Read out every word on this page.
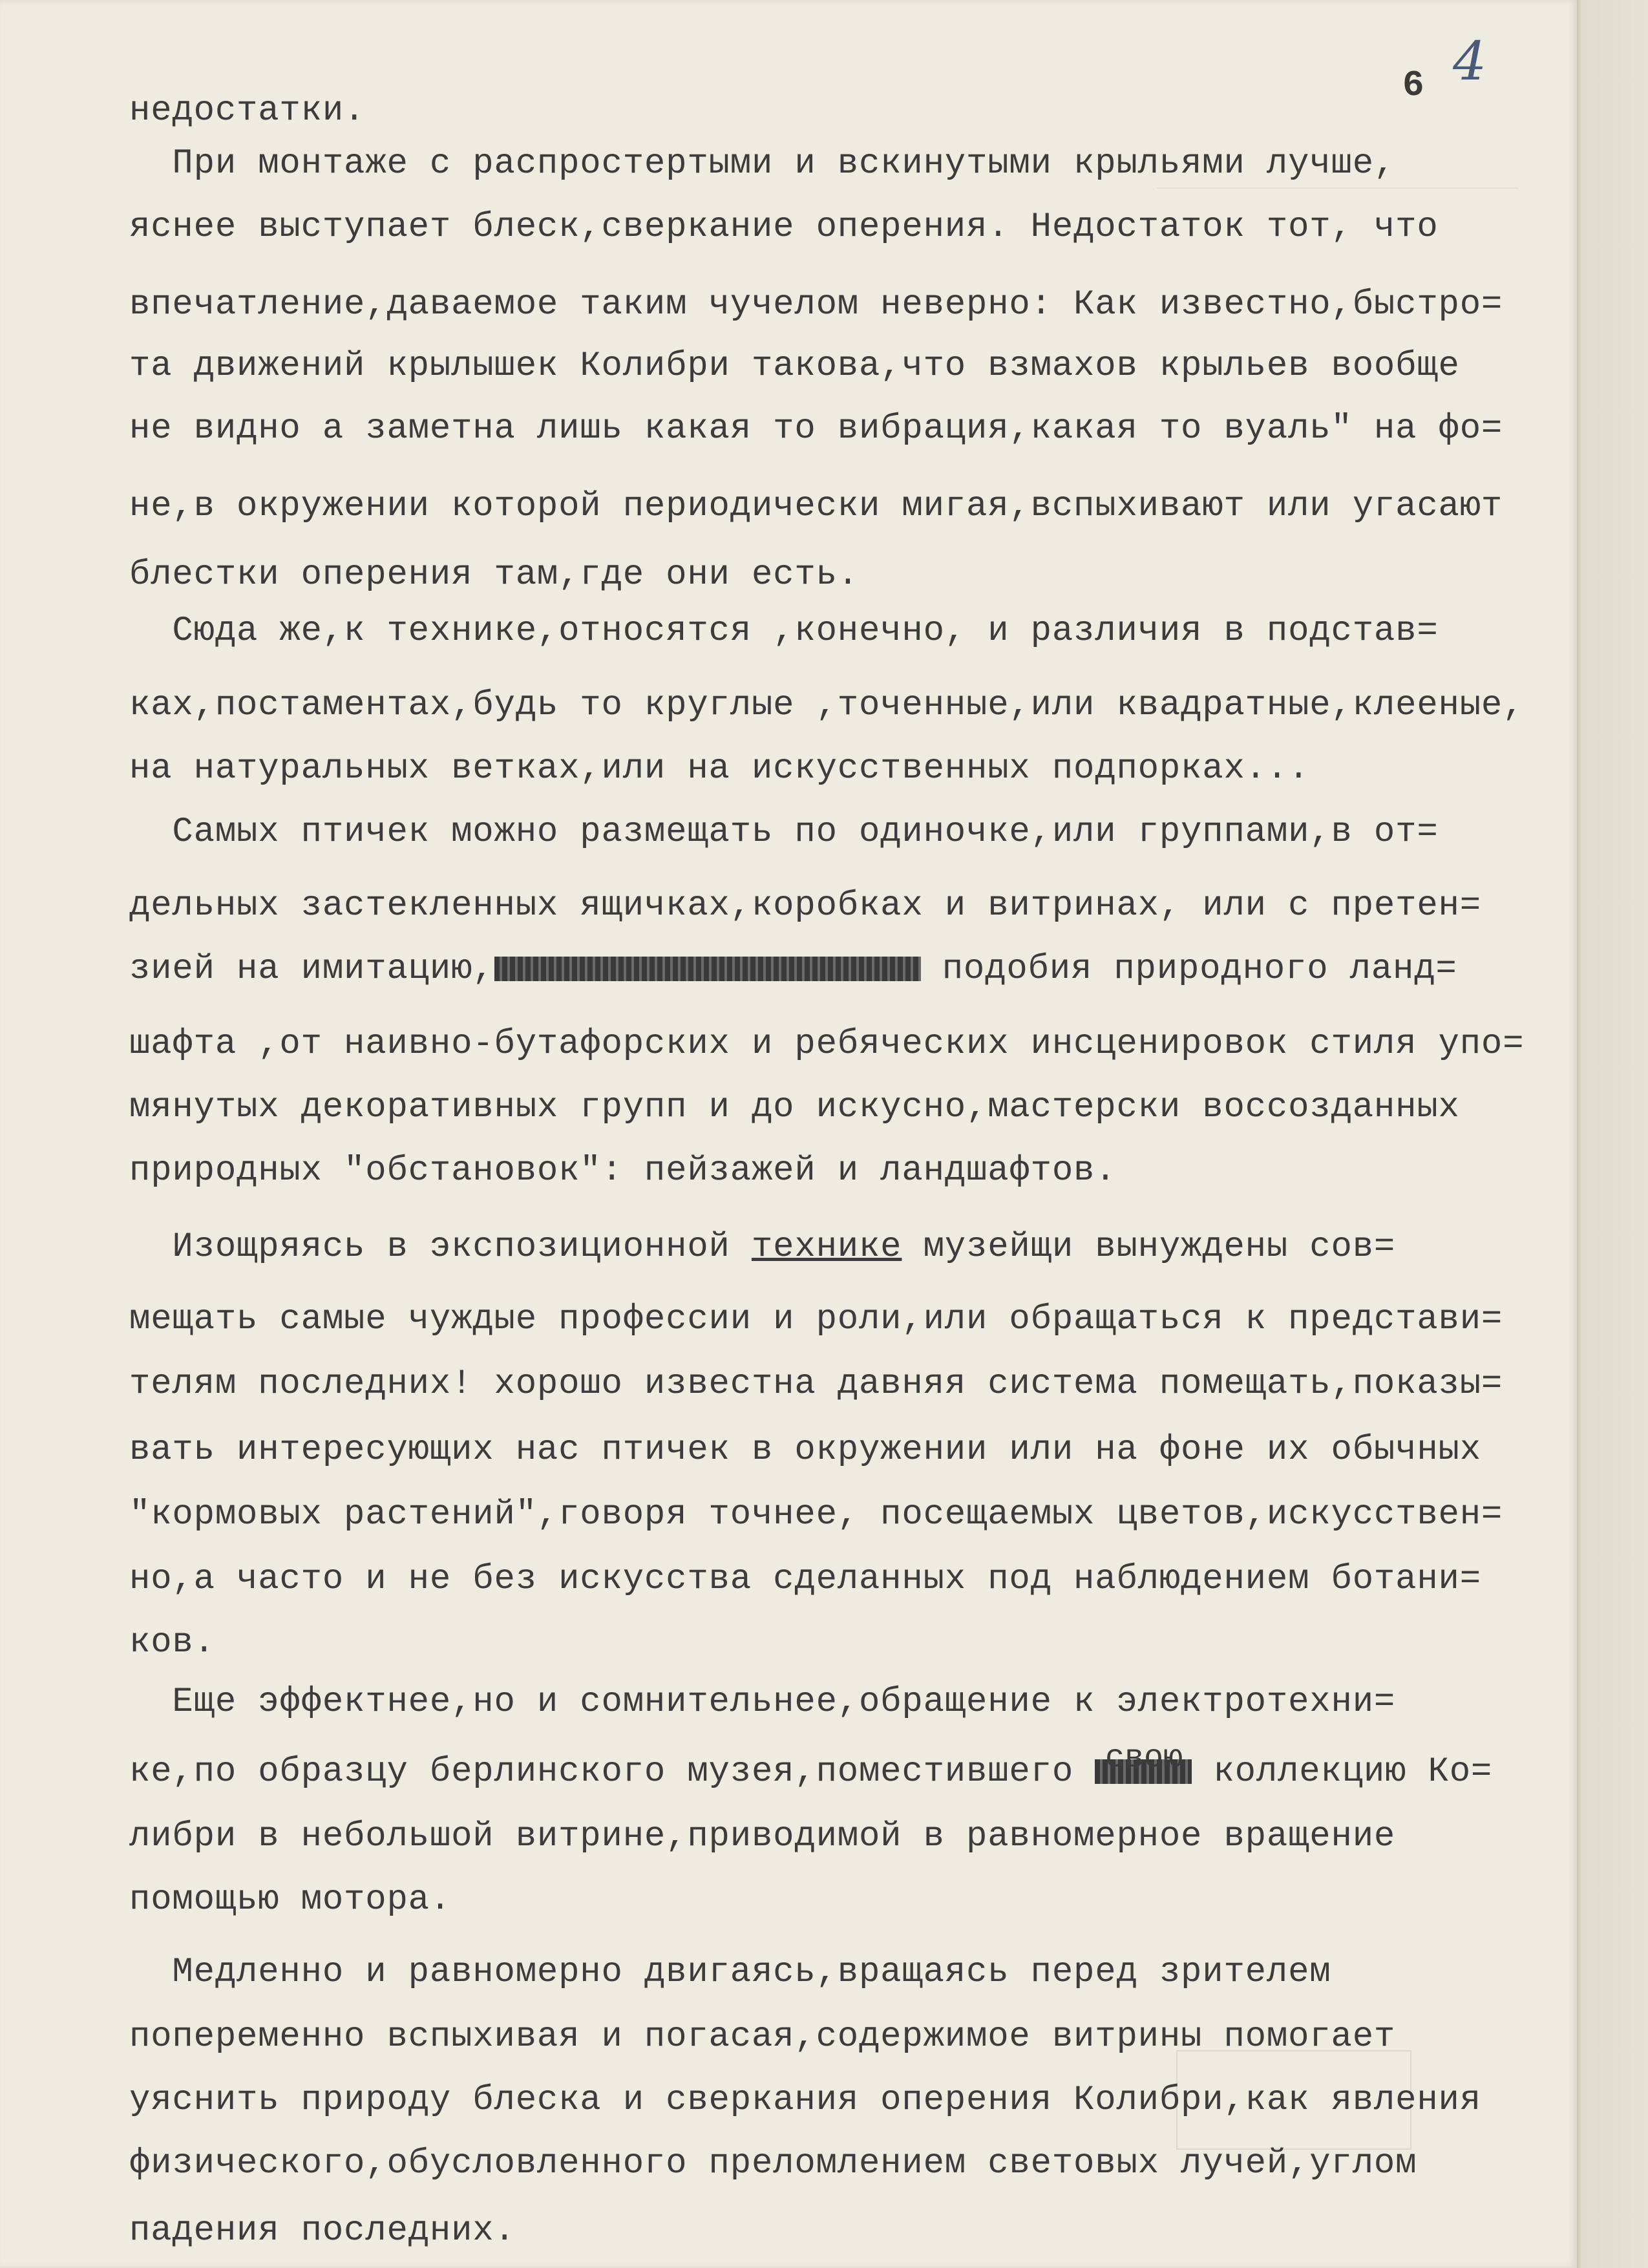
6 4
недостатки.
При монтаже с распростертыми и вскинутыми крыльями лучше,
яснее выступает блеск,сверкание оперения. Недостаток тот, что
впечатление,даваемое таким чучелом неверно: Как известно,быстро=
та движений крылышек Колибри такова,что взмахов крыльев вообще
не видно а заметна лишь какая то вибрация,какая то вуаль" на фо=
не,в окружении которой периодически мигая,вспыхивают или угасают
блестки оперения там,где они есть.
Сюда же,к технике,относятся ,конечно, и различия в подстав=
ках,постаментах,будь то круглые ,точенные,или квадратные,клееные,
на натуральных ветках,или на искусственных подпорках...
Самых птичек можно размещать по одиночке,или группами,в от=
дельных застекленных ящичках,коробках и витринах, или с претен=
зией на имитацию,	подобия природного ланд=
шафта ,от наивно-бутафорских и ребяческих инсценировок стиля упо=
мянутых декоративных групп и до искусно,мастерски воссозданных
природных "обстановок": пейзажей и ландшафтов.
Изощряясь в экспозиционной технике музейщи вынуждены сов=
мещать самые чуждые профессии и роли,или обращаться к представи=
телям последних! хорошо известна давняя система помещать,показы=
вать интересующих нас птичек в окружении или на фоне их обычных
"кормовых растений",говоря точнее, посещаемых цветов,искусствен=
но,а часто и не без искусства сделанных под наблюдением ботани=
ков.
Еще эффектнее,но и сомнительнее,обращение к электротехни=
ке,по образцу берлинского музея,поместившего	коллекцию Ко=
либри в небольшой витрине,приводимой в равномерное вращение
помощью мотора.
Медленно и равномерно двигаясь,вращаясь перед зрителем
попеременно вспыхивая и погасая,содержимое витрины помогает
уяснить природу блеска и сверкания оперения Колибри,как явления
физического,обусловленного преломлением световых лучей,углом
падения последних.
свою
